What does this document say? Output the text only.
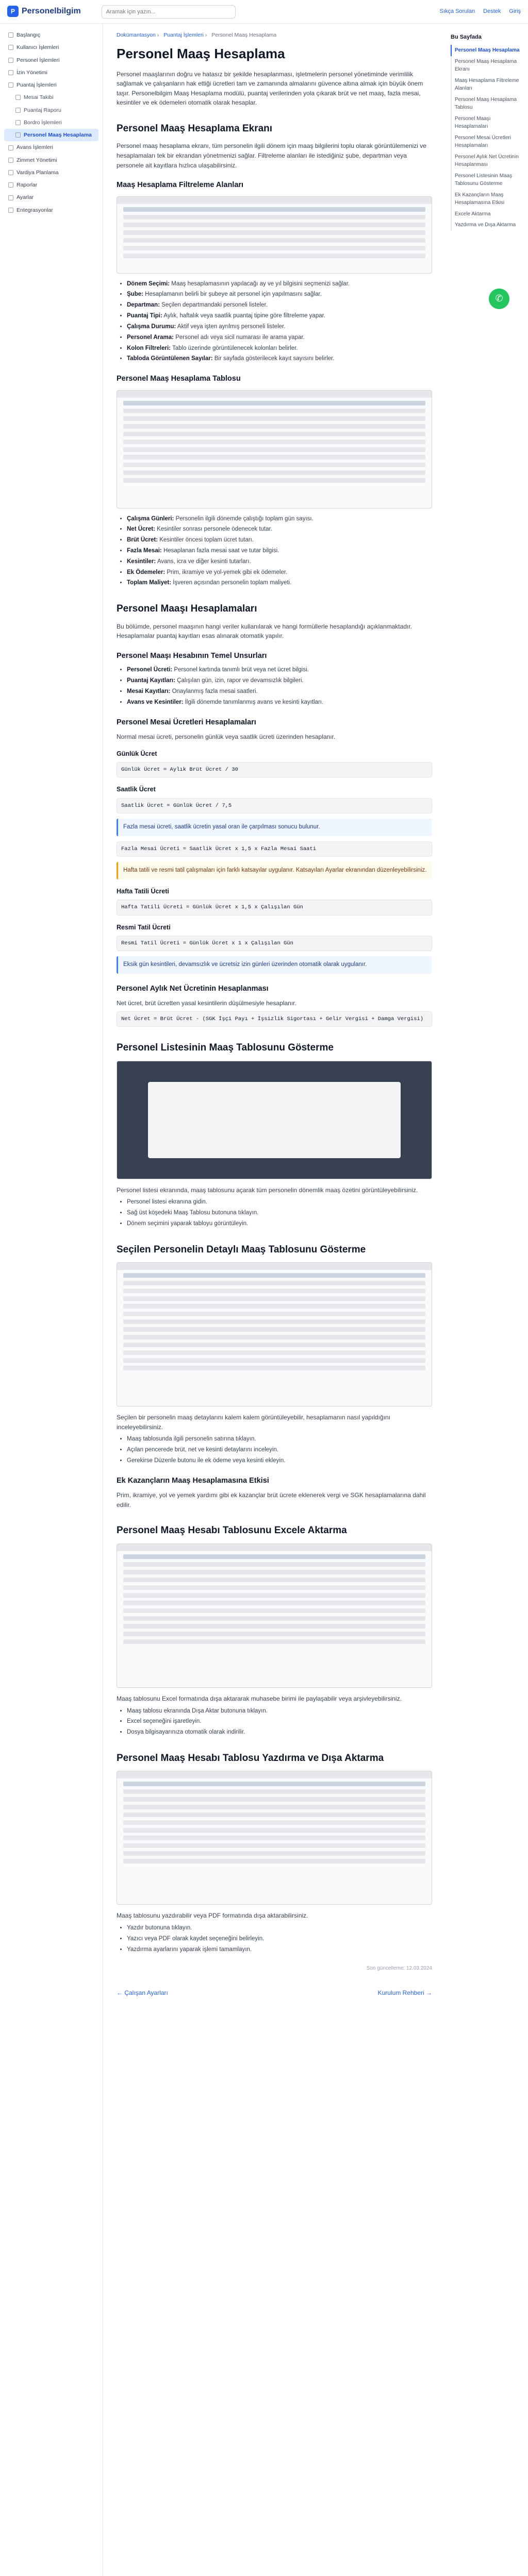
P Personelbilgim
Aramak için yazın...	Sıkça Sorulan Destek Giriş
Başlangıç
Kullanıcı İşlemleri
Personel İşlemleri
İzin Yönetimi
Puantaj İşlemleri
Mesai Takibi
Puantaj Raporu
Bordro İşlemleri
Personel Maaş Hesaplama
Avans İşlemleri
Zimmet Yönetimi
Vardiya Planlama
Raporlar
Ayarlar
Entegrasyonlar
Dokümantasyon › Puantaj İşlemleri › Personel Maaş Hesaplama
Personel Maaş Hesaplama

Personel maaşlarının doğru ve hatasız bir şekilde hesaplanması, işletmelerin personel yönetiminde verimlilik sağlamak ve çalışanların hak ettiği ücretleri tam ve zamanında almalarını güvence altına almak için büyük önem taşır. Personelbilgim Maaş Hesaplama modülü, puantaj verilerinden yola çıkarak brüt ve net maaş, fazla mesai, kesintiler ve ek ödemeleri otomatik olarak hesaplar.

Personel Maaş Hesaplama Ekranı

Personel maaş hesaplama ekranı, tüm personelin ilgili dönem için maaş bilgilerini toplu olarak görüntülemenizi ve hesaplamaları tek bir ekrandan yönetmenizi sağlar. Filtreleme alanları ile istediğiniz şube, departman veya personele ait kayıtlara hızlıca ulaşabilirsiniz.

Maaş Hesaplama Filtreleme Alanları
• Dönem Seçimi: Maaş hesaplamasının yapılacağı ay ve yıl bilgisini seçmenizi sağlar.
• Şube: Hesaplamanın belirli bir şubeye ait personel için yapılmasını sağlar.
• Departman: Seçilen departmandaki personeli listeler.
• Puantaj Tipi: Aylık, haftalık veya saatlik puantaj tipine göre filtreleme yapar.
• Çalışma Durumu: Aktif veya işten ayrılmış personeli listeler.
• Personel Arama: Personel adı veya sicil numarası ile arama yapar.
• Kolon Filtreleri: Tablo üzerinde görüntülenecek kolonları belirler.
• Tabloda Görüntülenen Sayılar: Bir sayfada gösterilecek kayıt sayısını belirler.
Personel Maaş Hesaplama Tablosu
• Çalışma Günleri: Personelin ilgili dönemde çalıştığı toplam gün sayısı.
• Net Ücret: Kesintiler sonrası personele ödenecek tutar.
• Brüt Ücret: Kesintiler öncesi toplam ücret tutarı.
• Fazla Mesai: Hesaplanan fazla mesai saat ve tutar bilgisi.
• Kesintiler: Avans, icra ve diğer kesinti tutarları.
• Ek Ödemeler: Prim, ikramiye ve yol-yemek gibi ek ödemeler.
• Toplam Maliyet: İşveren açısından personelin toplam maliyeti.
Personel Maaşı Hesaplamaları

Bu bölümde, personel maaşının hangi veriler kullanılarak ve hangi formüllerle hesaplandığı açıklanmaktadır. Hesaplamalar puantaj kayıtları esas alınarak otomatik yapılır.

Personel Maaşı Hesabının Temel Unsurları
• Personel Ücreti: Personel kartında tanımlı brüt veya net ücret bilgisi.
• Puantaj Kayıtları: Çalışılan gün, izin, rapor ve devamsızlık bilgileri.
• Mesai Kayıtları: Onaylanmış fazla mesai saatleri.
• Avans ve Kesintiler: İlgili dönemde tanımlanmış avans ve kesinti kayıtları.
Personel Mesai Ücretleri Hesaplamaları

Normal mesai ücreti, personelin günlük veya saatlik ücreti üzerinden hesaplanır.

Günlük Ücret
Günlük Ücret = Aylık Brüt Ücret / 30
Saatlik Ücret
Saatlik Ücret = Günlük Ücret / 7,5
Fazla mesai ücreti, saatlik ücretin yasal oran ile çarpılması sonucu bulunur.
Fazla Mesai Ücreti = Saatlik Ücret x 1,5 x Fazla Mesai Saati
Hafta tatili ve resmi tatil çalışmaları için farklı katsayılar uygulanır. Katsayıları Ayarlar ekranından düzenleyebilirsiniz.
Hafta Tatili Ücreti
Hafta Tatili Ücreti = Günlük Ücret x 1,5 x Çalışılan Gün
Resmi Tatil Ücreti
Resmi Tatil Ücreti = Günlük Ücret x 1 x Çalışılan Gün
Eksik gün kesintileri, devamsızlık ve ücretsiz izin günleri üzerinden otomatik olarak uygulanır.
Personel Aylık Net Ücretinin Hesaplanması

Net ücret, brüt ücretten yasal kesintilerin düşülmesiyle hesaplanır.

Net Ücret = Brüt Ücret - (SGK İşçi Payı + İşsizlik Sigortası + Gelir Vergisi + Damga Vergisi)
Personel Listesinin Maaş Tablosunu Gösterme

Personel listesi ekranında, maaş tablosunu açarak tüm personelin dönemlik maaş özetini görüntüleyebilirsiniz.

• Personel listesi ekranına gidin.
• Sağ üst köşedeki Maaş Tablosu butonuna tıklayın.
• Dönem seçimini yaparak tabloyu görüntüleyin.
Seçilen Personelin Detaylı Maaş Tablosunu Gösterme

Seçilen bir personelin maaş detaylarını kalem kalem görüntüleyebilir, hesaplamanın nasıl yapıldığını inceleyebilirsiniz.

• Maaş tablosunda ilgili personelin satırına tıklayın.
• Açılan pencerede brüt, net ve kesinti detaylarını inceleyin.
• Gerekirse Düzenle butonu ile ek ödeme veya kesinti ekleyin.
Ek Kazançların Maaş Hesaplamasına Etkisi

Prim, ikramiye, yol ve yemek yardımı gibi ek kazançlar brüt ücrete eklenerek vergi ve SGK hesaplamalarına dahil edilir.

Personel Maaş Hesabı Tablosunu Excele Aktarma

Maaş tablosunu Excel formatında dışa aktararak muhasebe birimi ile paylaşabilir veya arşivleyebilirsiniz.

• Maaş tablosu ekranında Dışa Aktar butonuna tıklayın.
• Excel seçeneğini işaretleyin.
• Dosya bilgisayarınıza otomatik olarak indirilir.
Personel Maaş Hesabı Tablosu Yazdırma ve Dışa Aktarma

Maaş tablosunu yazdırabilir veya PDF formatında dışa aktarabilirsiniz.

• Yazdır butonuna tıklayın.
• Yazıcı veya PDF olarak kaydet seçeneğini belirleyin.
• Yazdırma ayarlarını yaparak işlemi tamamlayın.
Son güncelleme: 12.03.2024
← Çalışan Ayarları	Kurulum Rehberi →
Bu Sayfada
Personel Maaş Hesaplama
Personel Maaş Hesaplama Ekranı
Maaş Hesaplama Filtreleme Alanları
Personel Maaş Hesaplama Tablosu
Personel Maaşı Hesaplamaları
Personel Mesai Ücretleri Hesaplamaları
Personel Aylık Net Ücretinin Hesaplanması
Personel Listesinin Maaş Tablosunu Gösterme
Ek Kazançların Maaş Hesaplamasına Etkisi
Excele Aktarma
Yazdırma ve Dışa Aktarma
✆
